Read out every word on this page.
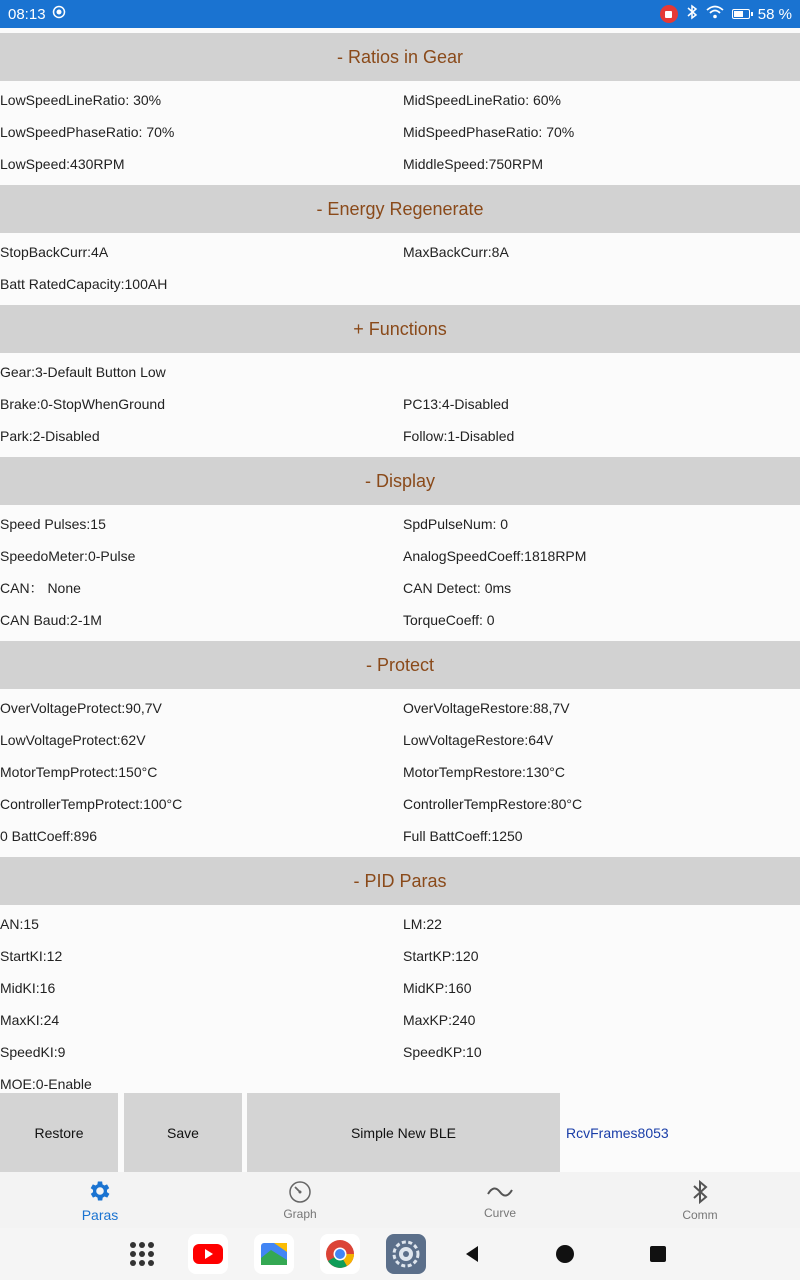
08:13	58 %
- Ratios in Gear
LowSpeedLineRatio: 30%	MidSpeedLineRatio: 60%
LowSpeedPhaseRatio: 70%	MidSpeedPhaseRatio: 70%
LowSpeed:430RPM	MiddleSpeed:750RPM
- Energy Regenerate
StopBackCurr:4A	MaxBackCurr:8A
Batt RatedCapacity:100AH
+ Functions
Gear:3-Default Button Low
Brake:0-StopWhenGround	PC13:4-Disabled
Park:2-Disabled	Follow:1-Disabled
- Display
Speed Pulses:15	SpdPulseNum: 0
SpeedoMeter:0-Pulse	AnalogSpeedCoeff:1818RPM
CAN： None	CAN Detect: 0ms
CAN Baud:2-1M	TorqueCoeff: 0
- Protect
OverVoltageProtect:90,7V	OverVoltageRestore:88,7V
LowVoltageProtect:62V	LowVoltageRestore:64V
MotorTempProtect:150°C	MotorTempRestore:130°C
ControllerTempProtect:100°C	ControllerTempRestore:80°C
0 BattCoeff:896	Full BattCoeff:1250
- PID Paras
AN:15	LM:22
StartKI:12	StartKP:120
MidKI:16	MidKP:160
MaxKI:24	MaxKP:240
SpeedKI:9	SpeedKP:10
MOE:0-Enable
Restore	Save	Simple New BLE	RcvFrames8053
Paras	Graph	Curve	Comm
